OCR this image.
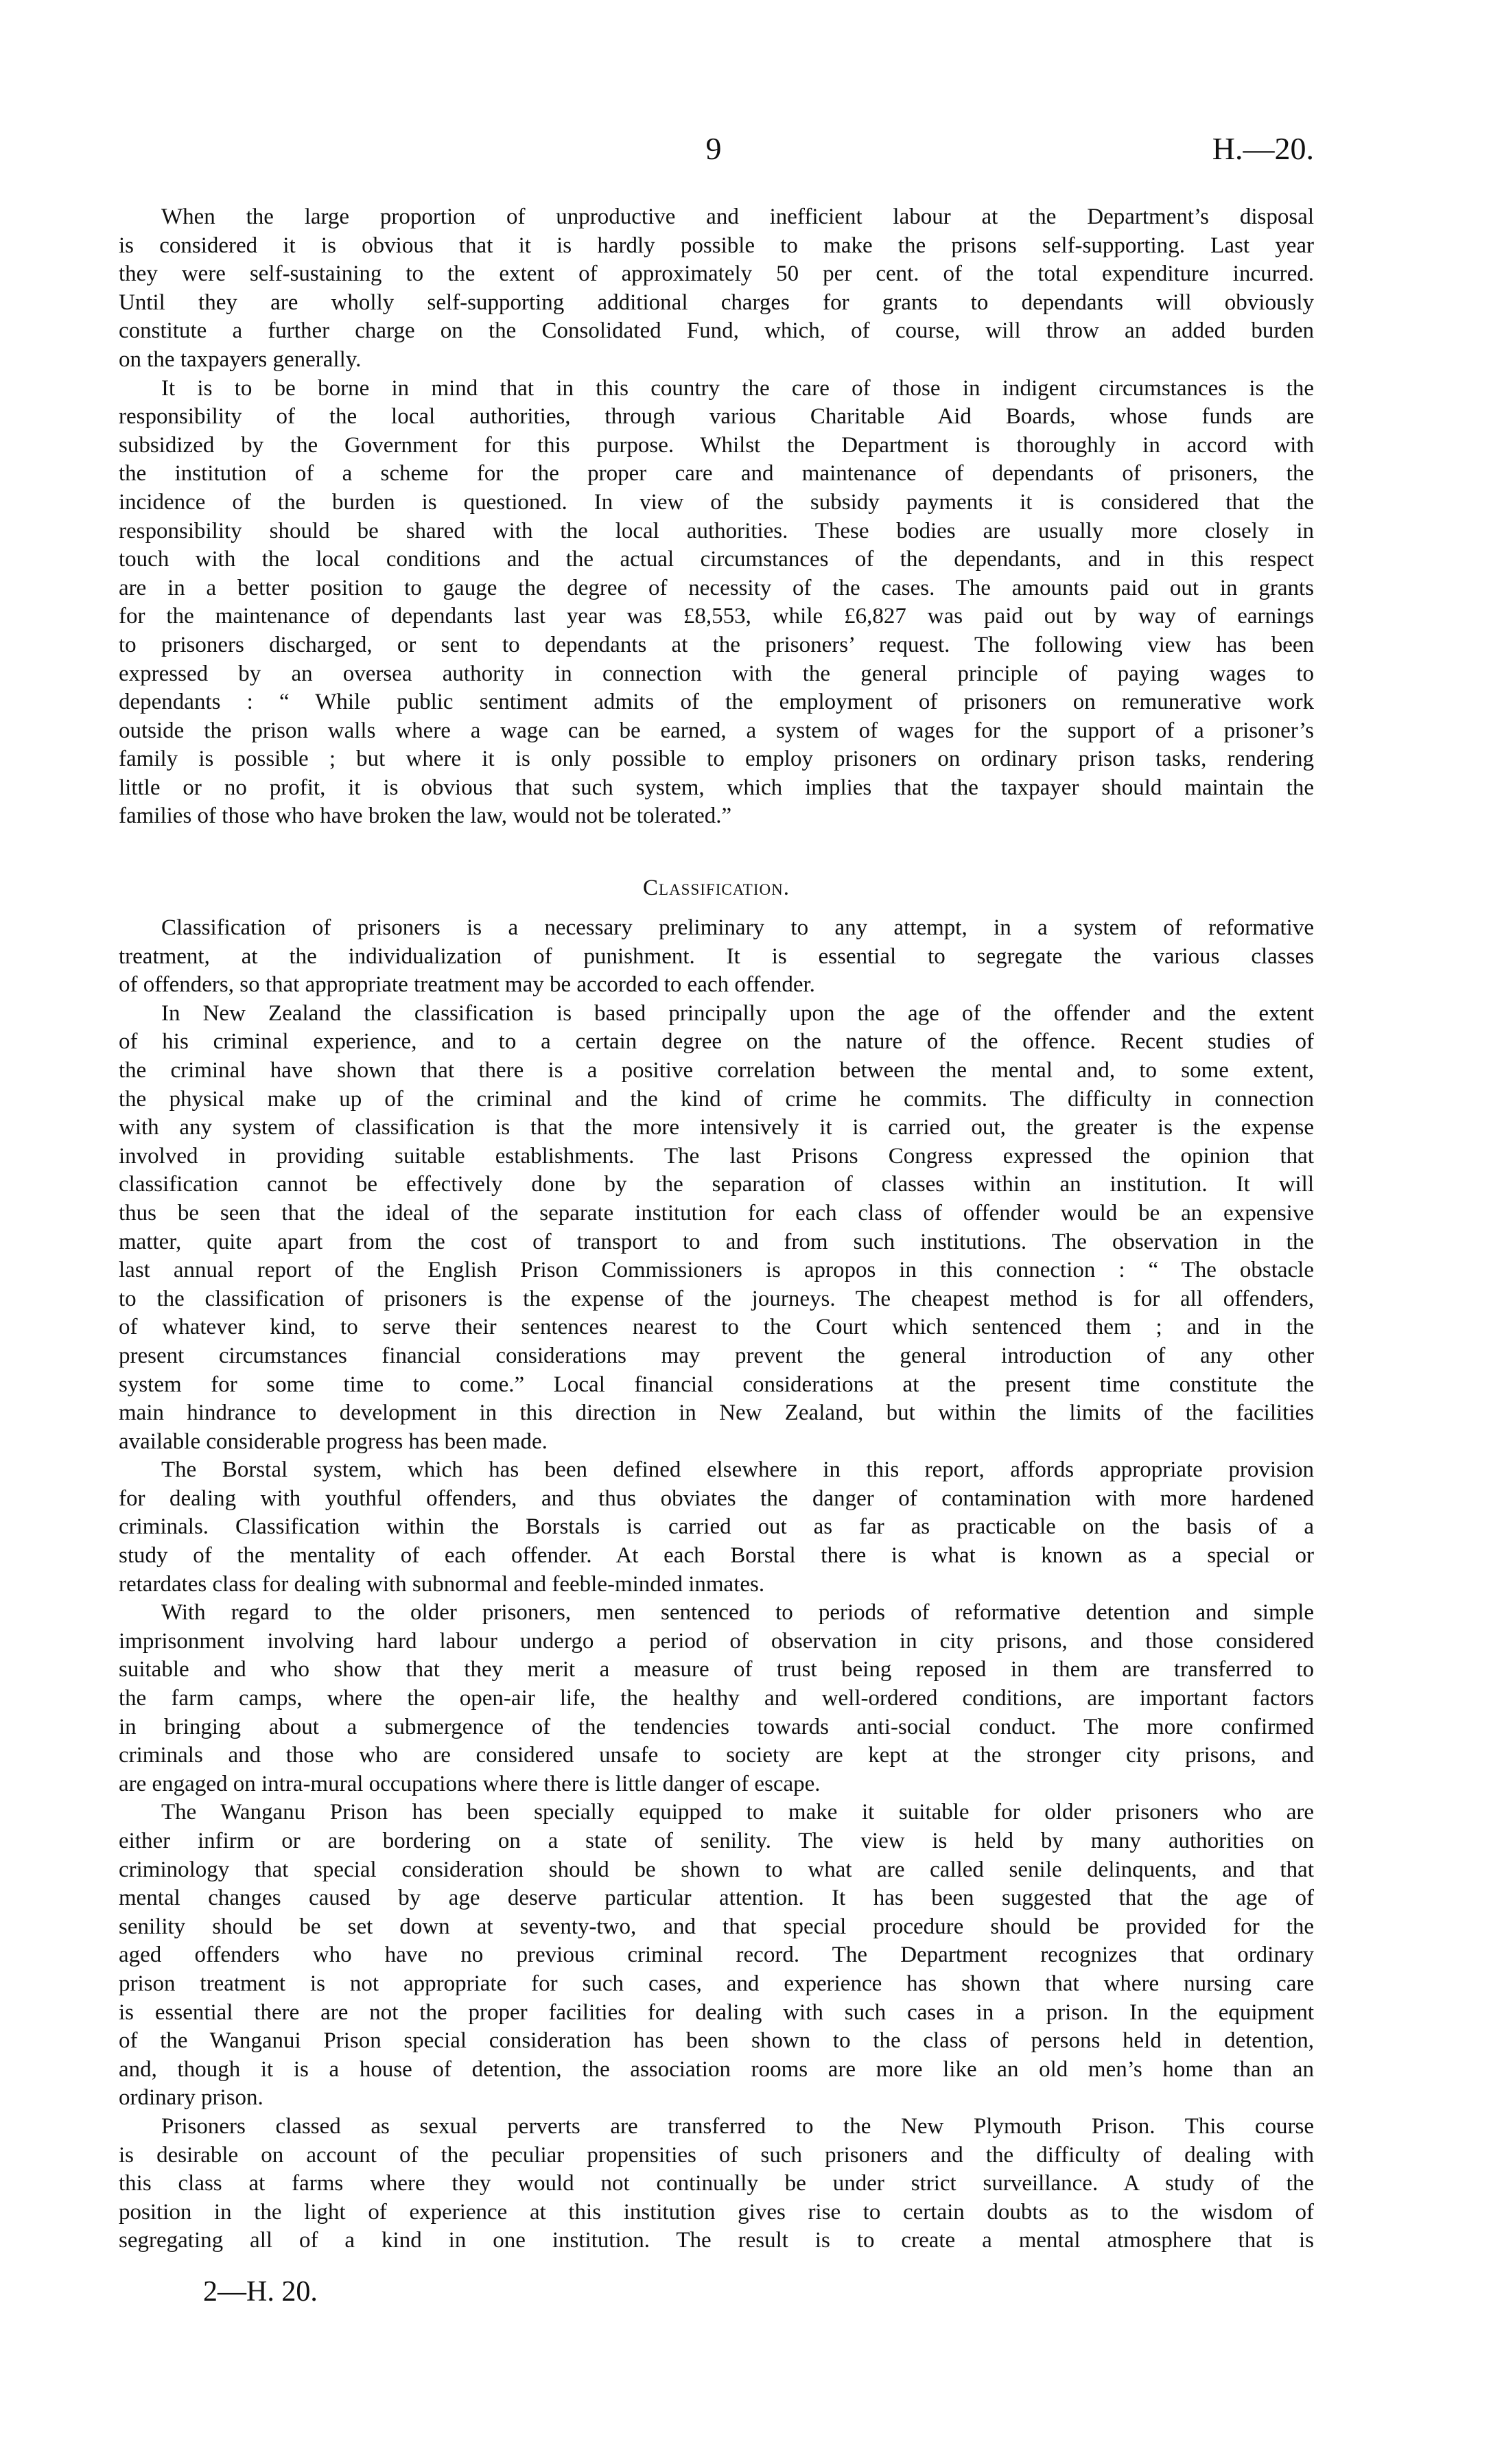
9	H.—20.
When the large proportion of unproductive and inefficient labour at the Department’s disposal
is considered it is obvious that it is hardly possible to make the prisons self-supporting. Last year
they were self-sustaining to the extent of approximately 50 per cent. of the total expenditure incurred.
Until they are wholly self-supporting additional charges for grants to dependants will obviously
constitute a further charge on the Consolidated Fund, which, of course, will throw an added burden
on the taxpayers generally.
It is to be borne in mind that in this country the care of those in indigent circumstances is the
responsibility of the local authorities, through various Charitable Aid Boards, whose funds are
subsidized by the Government for this purpose. Whilst the Department is thoroughly in accord with
the institution of a scheme for the proper care and maintenance of dependants of prisoners, the
incidence of the burden is questioned. In view of the subsidy payments it is considered that the
responsibility should be shared with the local authorities. These bodies are usually more closely in
touch with the local conditions and the actual circumstances of the dependants, and in this respect
are in a better position to gauge the degree of necessity of the cases. The amounts paid out in grants
for the maintenance of dependants last year was £8,553, while £6,827 was paid out by way of earnings
to prisoners discharged, or sent to dependants at the prisoners’ request. The following view has been
expressed by an oversea authority in connection with the general principle of paying wages to
dependants : “ While public sentiment admits of the employment of prisoners on remunerative work
outside the prison walls where a wage can be earned, a system of wages for the support of a prisoner’s
family is possible ; but where it is only possible to employ prisoners on ordinary prison tasks, rendering
little or no profit, it is obvious that such system, which implies that the taxpayer should maintain the
families of those who have broken the law, would not be tolerated.”
Classification.
Classification of prisoners is a necessary preliminary to any attempt, in a system of reformative
treatment, at the individualization of punishment. It is essential to segregate the various classes
of offenders, so that appropriate treatment may be accorded to each offender.
In New Zealand the classification is based principally upon the age of the offender and the extent
of his criminal experience, and to a certain degree on the nature of the offence. Recent studies of
the criminal have shown that there is a positive correlation between the mental and, to some extent,
the physical make up of the criminal and the kind of crime he commits. The difficulty in connection
with any system of classification is that the more intensively it is carried out, the greater is the expense
involved in providing suitable establishments. The last Prisons Congress expressed the opinion that
classification cannot be effectively done by the separation of classes within an institution. It will
thus be seen that the ideal of the separate institution for each class of offender would be an expensive
matter, quite apart from the cost of transport to and from such institutions. The observation in the
last annual report of the English Prison Commissioners is apropos in this connection : “ The obstacle
to the classification of prisoners is the expense of the journeys. The cheapest method is for all offenders,
of whatever kind, to serve their sentences nearest to the Court which sentenced them ; and in the
present circumstances financial considerations may prevent the general introduction of any other
system for some time to come.” Local financial considerations at the present time constitute the
main hindrance to development in this direction in New Zealand, but within the limits of the facilities
available considerable progress has been made.
The Borstal system, which has been defined elsewhere in this report, affords appropriate provision
for dealing with youthful offenders, and thus obviates the danger of contamination with more hardened
criminals. Classification within the Borstals is carried out as far as practicable on the basis of a
study of the mentality of each offender. At each Borstal there is what is known as a special or
retardates class for dealing with subnormal and feeble-minded inmates.
With regard to the older prisoners, men sentenced to periods of reformative detention and simple
imprisonment involving hard labour undergo a period of observation in city prisons, and those considered
suitable and who show that they merit a measure of trust being reposed in them are transferred to
the farm camps, where the open-air life, the healthy and well-ordered conditions, are important factors
in bringing about a submergence of the tendencies towards anti-social conduct. The more confirmed
criminals and those who are considered unsafe to society are kept at the stronger city prisons, and
are engaged on intra-mural occupations where there is little danger of escape.
The Wanganu Prison has been specially equipped to make it suitable for older prisoners who are
either infirm or are bordering on a state of senility. The view is held by many authorities on
criminology that special consideration should be shown to what are called senile delinquents, and that
mental changes caused by age deserve particular attention. It has been suggested that the age of
senility should be set down at seventy-two, and that special procedure should be provided for the
aged offenders who have no previous criminal record. The Department recognizes that ordinary
prison treatment is not appropriate for such cases, and experience has shown that where nursing care
is essential there are not the proper facilities for dealing with such cases in a prison. In the equipment
of the Wanganui Prison special consideration has been shown to the class of persons held in detention,
and, though it is a house of detention, the association rooms are more like an old men’s home than an
ordinary prison.
Prisoners classed as sexual perverts are transferred to the New Plymouth Prison. This course
is desirable on account of the peculiar propensities of such prisoners and the difficulty of dealing with
this class at farms where they would not continually be under strict surveillance. A study of the
position in the light of experience at this institution gives rise to certain doubts as to the wisdom of
segregating all of a kind in one institution. The result is to create a mental atmosphere that is
2—H. 20.
